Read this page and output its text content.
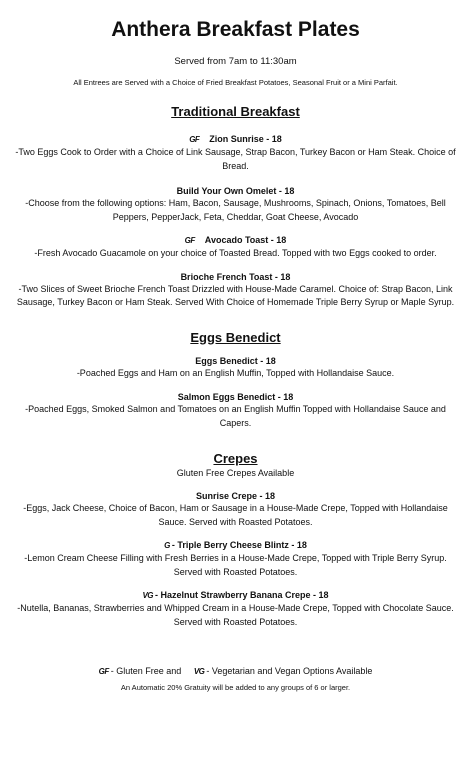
Anthera Breakfast Plates
Served from 7am to 11:30am
All Entrees are Served with a Choice of Fried Breakfast Potatoes, Seasonal Fruit or a Mini Parfait.
Traditional Breakfast
GF Zion Sunrise - 18
-Two Eggs Cook to Order with a Choice of Link Sausage, Strap Bacon, Turkey Bacon or Ham Steak. Choice of Bread.
Build Your Own Omelet - 18
-Choose from the following options: Ham, Bacon, Sausage, Mushrooms, Spinach, Onions, Tomatoes, Bell Peppers, PepperJack, Feta, Cheddar, Goat Cheese, Avocado
GF Avocado Toast - 18
-Fresh Avocado Guacamole on your choice of Toasted Bread. Topped with two Eggs cooked to order.
Brioche French Toast - 18
-Two Slices of Sweet Brioche French Toast Drizzled with House-Made Caramel. Choice of: Strap Bacon, Link Sausage, Turkey Bacon or Ham Steak. Served With Choice of Homemade Triple Berry Syrup or Maple Syrup.
Eggs Benedict
Eggs Benedict - 18
-Poached Eggs and Ham on an English Muffin, Topped with Hollandaise Sauce.
Salmon Eggs Benedict - 18
-Poached Eggs, Smoked Salmon and Tomatoes on an English Muffin Topped with Hollandaise Sauce and Capers.
Crepes
Gluten Free Crepes Available
Sunrise Crepe - 18
-Eggs, Jack Cheese, Choice of Bacon, Ham or Sausage in a House-Made Crepe, Topped with Hollandaise Sauce. Served with Roasted Potatoes.
G - Triple Berry Cheese Blintz - 18
-Lemon Cream Cheese Filling with Fresh Berries in a House-Made Crepe, Topped with Triple Berry Syrup. Served with Roasted Potatoes.
VG - Hazelnut Strawberry Banana Crepe - 18
-Nutella, Bananas, Strawberries and Whipped Cream in a House-Made Crepe, Topped with Chocolate Sauce. Served with Roasted Potatoes.
GF - Gluten Free and VG - Vegetarian and Vegan Options Available
An Automatic 20% Gratuity will be added to any groups of 6 or larger.
